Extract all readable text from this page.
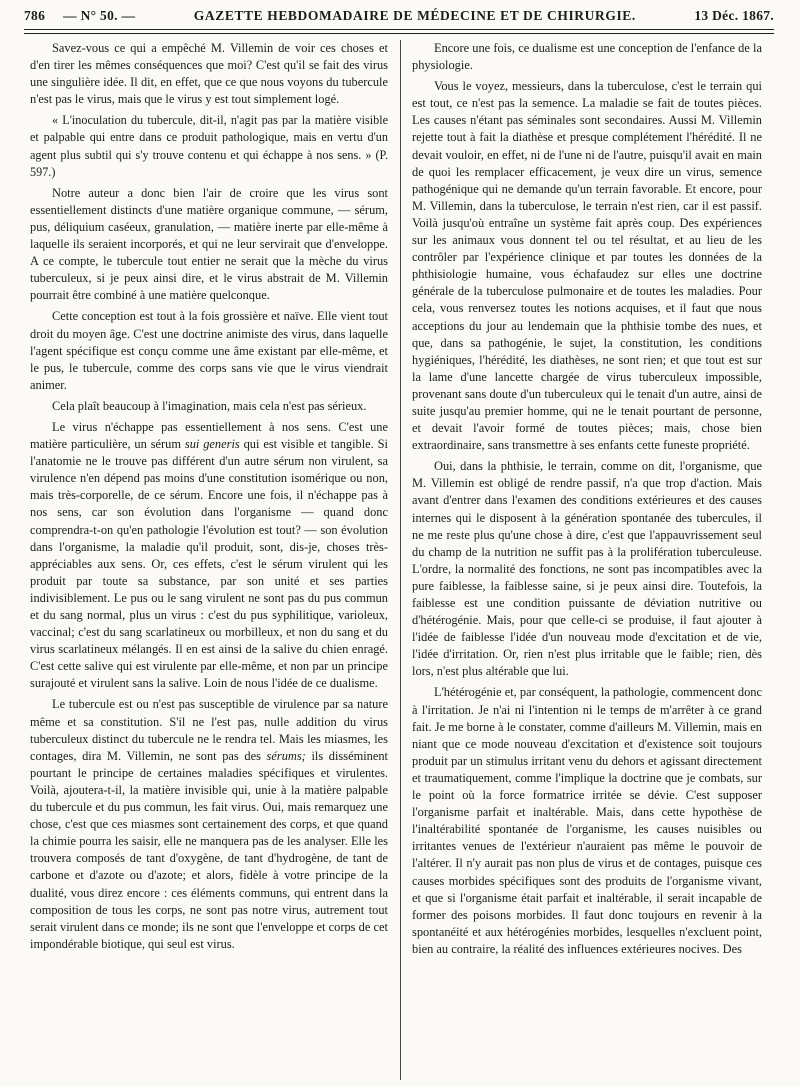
786 — N° 50. —	GAZETTE HEBDOMADAIRE DE MÉDECINE ET DE CHIRURGIE.	13 Déc. 1867.

Savez-vous ce qui a empêché M. Villemin de voir ces choses et d'en tirer les mêmes conséquences que moi? C'est qu'il se fait des virus une singulière idée. Il dit, en effet, que ce que nous voyons du tubercule n'est pas le virus, mais que le virus y est tout simplement logé.

« L'inoculation du tubercule, dit-il, n'agit pas par la matière visible et palpable qui entre dans ce produit pathologique, mais en vertu d'un agent plus subtil qui s'y trouve contenu et qui échappe à nos sens. » (P. 597.)

Notre auteur a donc bien l'air de croire que les virus sont essentiellement distincts d'une matière organique commune, — sérum, pus, déliquium caséeux, granulation, — matière inerte par elle-même à laquelle ils seraient incorporés, et qui ne leur servirait que d'enveloppe. A ce compte, le tubercule tout entier ne serait que la mèche du virus tuberculeux, si je peux ainsi dire, et le virus abstrait de M. Villemin pourrait être combiné à une matière quelconque.

Cette conception est tout à la fois grossière et naïve. Elle vient tout droit du moyen âge. C'est une doctrine animiste des virus, dans laquelle l'agent spécifique est conçu comme une âme existant par elle-même, et le pus, le tubercule, comme des corps sans vie que le virus viendrait animer.

Cela plaît beaucoup à l'imagination, mais cela n'est pas sérieux.

Le virus n'échappe pas essentiellement à nos sens. C'est une matière particulière, un sérum sui generis qui est visible et tangible. Si l'anatomie ne le trouve pas différent d'un autre sérum non virulent, sa virulence n'en dépend pas moins d'une constitution isomérique ou non, mais très-corporelle, de ce sérum. Encore une fois, il n'échappe pas à nos sens, car son évolution dans l'organisme — quand donc comprendra-t-on qu'en pathologie l'évolution est tout? — son évolution dans l'organisme, la maladie qu'il produit, sont, dis-je, choses très-appréciables aux sens. Or, ces effets, c'est le sérum virulent qui les produit par toute sa substance, par son unité et ses parties indivisiblement. Le pus ou le sang virulent ne sont pas du pus commun et du sang normal, plus un virus : c'est du pus syphilitique, varioleux, vaccinal; c'est du sang scarlatineux ou morbilleux, et non du sang et du virus scarlatineux mélangés. Il en est ainsi de la salive du chien enragé. C'est cette salive qui est virulente par elle-même, et non par un principe surajouté et virulent sans la salive. Loin de nous l'idée de ce dualisme.

Le tubercule est ou n'est pas susceptible de virulence par sa nature même et sa constitution. S'il ne l'est pas, nulle addition du virus tuberculeux distinct du tubercule ne le rendra tel. Mais les miasmes, les contages, dira M. Villemin, ne sont pas des sérums; ils disséminent pourtant le principe de certaines maladies spécifiques et virulentes. Voilà, ajoutera-t-il, la matière invisible qui, unie à la matière palpable du tubercule et du pus commun, les fait virus. Oui, mais remarquez une chose, c'est que ces miasmes sont certainement des corps, et que quand la chimie pourra les saisir, elle ne manquera pas de les analyser. Elle les trouvera composés de tant d'oxygène, de tant d'hydrogène, de tant de carbone et d'azote ou d'azote; et alors, fidèle à votre principe de la dualité, vous direz encore : ces éléments communs, qui entrent dans la composition de tous les corps, ne sont pas notre virus, autrement tout serait virulent dans ce monde; ils ne sont que l'enveloppe et corps de cet impondérable biotique, qui seul est virus.

Encore une fois, ce dualisme est une conception de l'enfance de la physiologie.

Vous le voyez, messieurs, dans la tuberculose, c'est le terrain qui est tout, ce n'est pas la semence. La maladie se fait de toutes pièces. Les causes n'étant pas séminales sont secondaires. Aussi M. Villemin rejette tout à fait la diathèse et presque complétement l'hérédité. Il ne devait vouloir, en effet, ni de l'une ni de l'autre, puisqu'il avait en main de quoi les remplacer efficacement, je veux dire un virus, semence pathogénique qui ne demande qu'un terrain favorable. Et encore, pour M. Villemin, dans la tuberculose, le terrain n'est rien, car il est passif. Voilà jusqu'où entraîne un système fait après coup. Des expériences sur les animaux vous donnent tel ou tel résultat, et au lieu de les contrôler par l'expérience clinique et par toutes les données de la phthisiologie humaine, vous échafaudez sur elles une doctrine générale de la tuberculose pulmonaire et de toutes les maladies. Pour cela, vous renversez toutes les notions acquises, et il faut que nous acceptions du jour au lendemain que la phthisie tombe des nues, et que, dans sa pathogénie, le sujet, la constitution, les conditions hygiéniques, l'hérédité, les diathèses, ne sont rien; et que tout est sur la lame d'une lancette chargée de virus tuberculeux impossible, provenant sans doute d'un tuberculeux qui le tenait d'un autre, ainsi de suite jusqu'au premier homme, qui ne le tenait pourtant de personne, et devait l'avoir formé de toutes pièces; mais, chose bien extraordinaire, sans transmettre à ses enfants cette funeste propriété.

Oui, dans la phthisie, le terrain, comme on dit, l'organisme, que M. Villemin est obligé de rendre passif, n'a que trop d'action. Mais avant d'entrer dans l'examen des conditions extérieures et des causes internes qui le disposent à la génération spontanée des tubercules, il ne me reste plus qu'une chose à dire, c'est que l'appauvrissement seul du champ de la nutrition ne suffit pas à la prolifération tuberculeuse. L'ordre, la normalité des fonctions, ne sont pas incompatibles avec la pure faiblesse, la faiblesse saine, si je peux ainsi dire. Toutefois, la faiblesse est une condition puissante de déviation nutritive ou d'hétérogénie. Mais, pour que celle-ci se produise, il faut ajouter à l'idée de faiblesse l'idée d'un nouveau mode d'excitation et de vie, l'idée d'irritation. Or, rien n'est plus irritable que le faible; rien, dès lors, n'est plus altérable que lui.

L'hétérogénie et, par conséquent, la pathologie, commencent donc à l'irritation. Je n'ai ni l'intention ni le temps de m'arrêter à ce grand fait. Je me borne à le constater, comme d'ailleurs M. Villemin, mais en niant que ce mode nouveau d'excitation et d'existence soit toujours produit par un stimulus irritant venu du dehors et agissant directement et traumatiquement, comme l'implique la doctrine que je combats, sur le point où la force formatrice irritée se dévie. C'est supposer l'organisme parfait et inaltérable. Mais, dans cette hypothèse de l'inaltérabilité spontanée de l'organisme, les causes nuisibles ou irritantes venues de l'extérieur n'auraient pas même le pouvoir de l'altérer. Il n'y aurait pas non plus de virus et de contages, puisque ces causes morbides spécifiques sont des produits de l'organisme vivant, et que si l'organisme était parfait et inaltérable, il serait incapable de former des poisons morbides. Il faut donc toujours en revenir à la spontanéité et aux hétérogénies morbides, lesquelles n'excluent point, bien au contraire, la réalité des influences extérieures nocives. Des
